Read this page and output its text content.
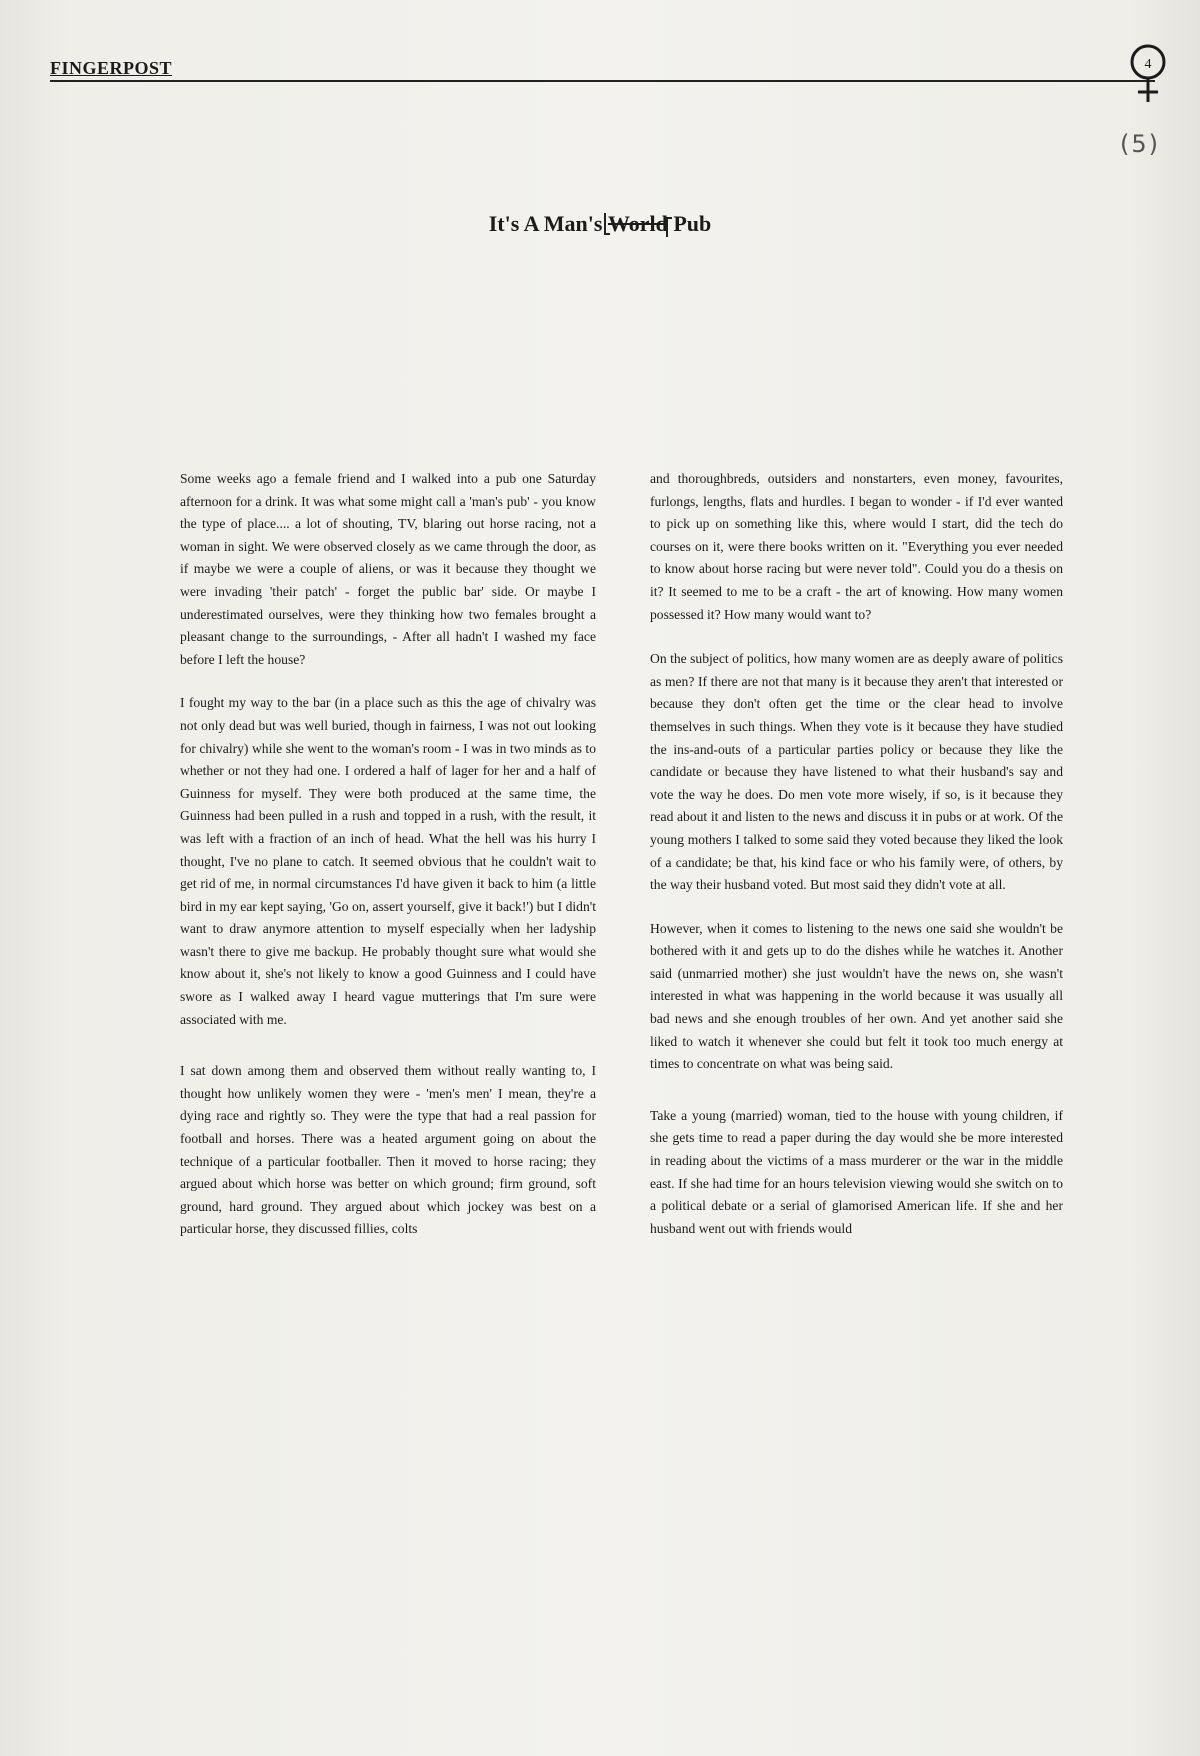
FINGERPOST	4
(5)
It's A Man's World Pub

Some weeks ago a female friend and I walked into a pub one Saturday afternoon for a drink. It was what some might call a 'man's pub' - you know the type of place.... a lot of shouting, TV, blaring out horse racing, not a woman in sight. We were observed closely as we came through the door, as if maybe we were a couple of aliens, or was it because they thought we were invading 'their patch' - forget the public bar' side. Or maybe I underestimated ourselves, were they thinking how two females brought a pleasant change to the surroundings, - After all hadn't I washed my face before I left the house?

I fought my way to the bar (in a place such as this the age of chivalry was not only dead but was well buried, though in fairness, I was not out looking for chivalry) while she went to the woman's room - I was in two minds as to whether or not they had one. I ordered a half of lager for her and a half of Guinness for myself. They were both produced at the same time, the Guinness had been pulled in a rush and topped in a rush, with the result, it was left with a fraction of an inch of head. What the hell was his hurry I thought, I've no plane to catch. It seemed obvious that he couldn't wait to get rid of me, in normal circumstances I'd have given it back to him (a little bird in my ear kept saying, 'Go on, assert yourself, give it back!') but I didn't want to draw anymore attention to myself especially when her ladyship wasn't there to give me backup. He probably thought sure what would she know about it, she's not likely to know a good Guinness and I could have swore as I walked away I heard vague mutterings that I'm sure were associated with me.

I sat down among them and observed them without really wanting to, I thought how unlikely women they were - 'men's men' I mean, they're a dying race and rightly so. They were the type that had a real passion for football and horses. There was a heated argument going on about the technique of a particular footballer. Then it moved to horse racing; they argued about which horse was better on which ground; firm ground, soft ground, hard ground. They argued about which jockey was best on a particular horse, they discussed fillies, colts

and thoroughbreds, outsiders and nonstarters, even money, favourites, furlongs, lengths, flats and hurdles. I began to wonder - if I'd ever wanted to pick up on something like this, where would I start, did the tech do courses on it, were there books written on it. "Everything you ever needed to know about horse racing but were never told". Could you do a thesis on it? It seemed to me to be a craft - the art of knowing. How many women possessed it? How many would want to?

On the subject of politics, how many women are as deeply aware of politics as men? If there are not that many is it because they aren't that interested or because they don't often get the time or the clear head to involve themselves in such things. When they vote is it because they have studied the ins-and-outs of a particular parties policy or because they like the candidate or because they have listened to what their husband's say and vote the way he does. Do men vote more wisely, if so, is it because they read about it and listen to the news and discuss it in pubs or at work. Of the young mothers I talked to some said they voted because they liked the look of a candidate; be that, his kind face or who his family were, of others, by the way their husband voted. But most said they didn't vote at all.

However, when it comes to listening to the news one said she wouldn't be bothered with it and gets up to do the dishes while he watches it. Another said (unmarried mother) she just wouldn't have the news on, she wasn't interested in what was happening in the world because it was usually all bad news and she enough troubles of her own. And yet another said she liked to watch it whenever she could but felt it took too much energy at times to concentrate on what was being said.

Take a young (married) woman, tied to the house with young children, if she gets time to read a paper during the day would she be more interested in reading about the victims of a mass murderer or the war in the middle east. If she had time for an hours television viewing would she switch on to a political debate or a serial of glamorised American life. If she and her husband went out with friends would
